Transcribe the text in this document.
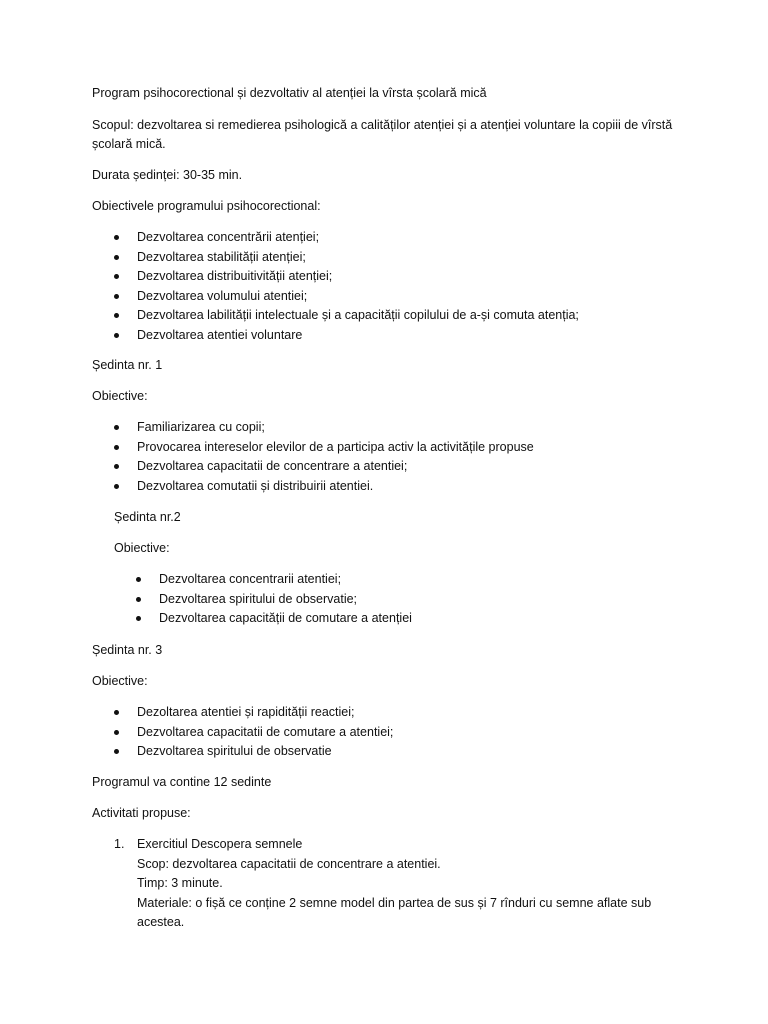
Program psihocorectional și dezvoltativ al atenției la vîrsta școlară mică

Scopul: dezvoltarea si remedierea psihologică a calităților atenției și a atenției voluntare la copiii de vîrstă școlară mică.

Durata ședinței: 30-35 min.

Obiectivele programului psihocorectional:

Dezvoltarea concentrării atenției;
Dezvoltarea stabilității atenției;
Dezvoltarea distribuitivității atenției;
Dezvoltarea volumului atentiei;
Dezvoltarea labilității intelectuale și a capacității copilului de a-și comuta atenția;
Dezvoltarea atentiei voluntare

Ședinta nr. 1

Obiective:

Familiarizarea cu copii;
Provocarea intereselor elevilor de a participa activ la activitățile propuse
Dezvoltarea capacitatii de concentrare a atentiei;
Dezvoltarea comutatii și distribuirii atentiei.

Ședinta nr.2

Obiective:

Dezvoltarea concentrarii atentiei;
Dezvoltarea spiritului de observatie;
Dezvoltarea capacității de comutare a atenției

Ședinta nr. 3

Obiective:

Dezoltarea atentiei și rapidității reactiei;
Dezvoltarea capacitatii de comutare a atentiei;
Dezvoltarea spiritului de observatie

Programul va contine 12 sedinte

Activitati propuse:

1. Exercitiul Descopera semnele
Scop: dezvoltarea capacitatii de concentrare a atentiei.
Timp: 3 minute.
Materiale: o fișă ce conține 2 semne model din partea de sus și 7 rînduri cu semne aflate sub
acestea.
